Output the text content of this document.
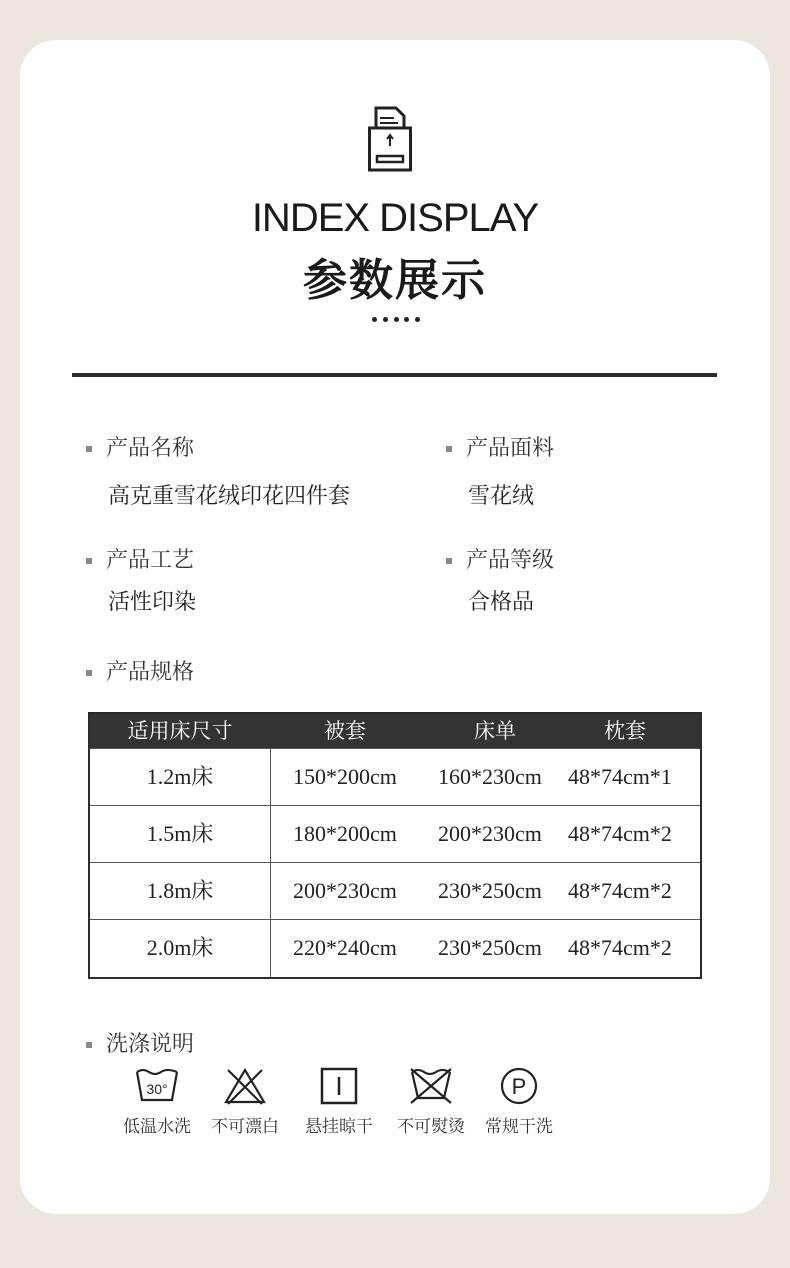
INDEX DISPLAY
参数展示
产品名称
高克重雪花绒印花四件套
产品面料
雪花绒
产品工艺
活性印染
产品等级
合格品
产品规格
适用床尺寸	被套	床单	枕套
1.2m床	150*200cm	160*230cm	48*74cm*1
1.5m床	180*200cm	200*230cm	48*74cm*2
1.8m床	200*230cm	230*250cm	48*74cm*2
2.0m床	220*240cm	230*250cm	48*74cm*2
洗涤说明
30°
低温水洗	不可漂白	悬挂晾干	不可熨烫
P
常规干洗
